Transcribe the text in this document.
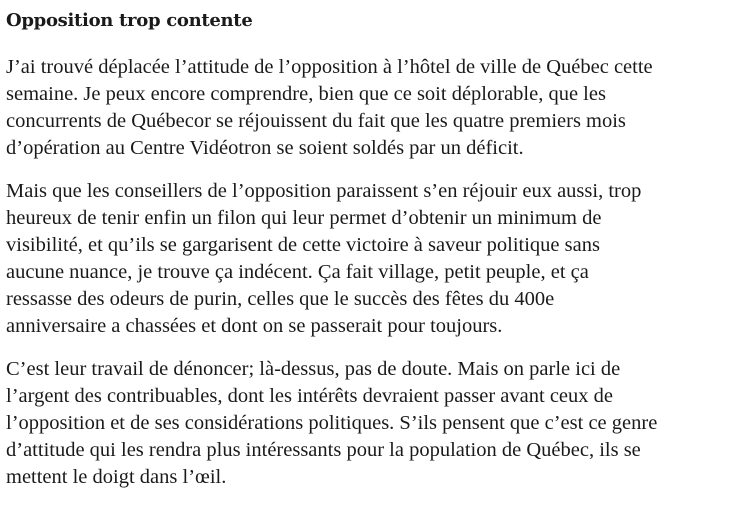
Opposition trop contente

J’ai trouvé déplacée l’attitude de l’opposition à l’hôtel de ville de Québec cette
semaine. Je peux encore comprendre, bien que ce soit déplorable, que les
concurrents de Québecor se réjouissent du fait que les quatre premiers mois
d’opération au Centre Vidéotron se soient soldés par un déficit.

Mais que les conseillers de l’opposition paraissent s’en réjouir eux aussi, trop
heureux de tenir enfin un filon qui leur permet d’obtenir un minimum de
visibilité, et qu’ils se gargarisent de cette victoire à saveur politique sans
aucune nuance, je trouve ça indécent. Ça fait village, petit peuple, et ça
ressasse des odeurs de purin, celles que le succès des fêtes du 400e
anniversaire a chassées et dont on se passerait pour toujours.

C’est leur travail de dénoncer; là-dessus, pas de doute. Mais on parle ici de
l’argent des contribuables, dont les intérêts devraient passer avant ceux de
l’opposition et de ses considérations politiques. S’ils pensent que c’est ce genre
d’attitude qui les rendra plus intéressants pour la population de Québec, ils se
mettent le doigt dans l’œil.
